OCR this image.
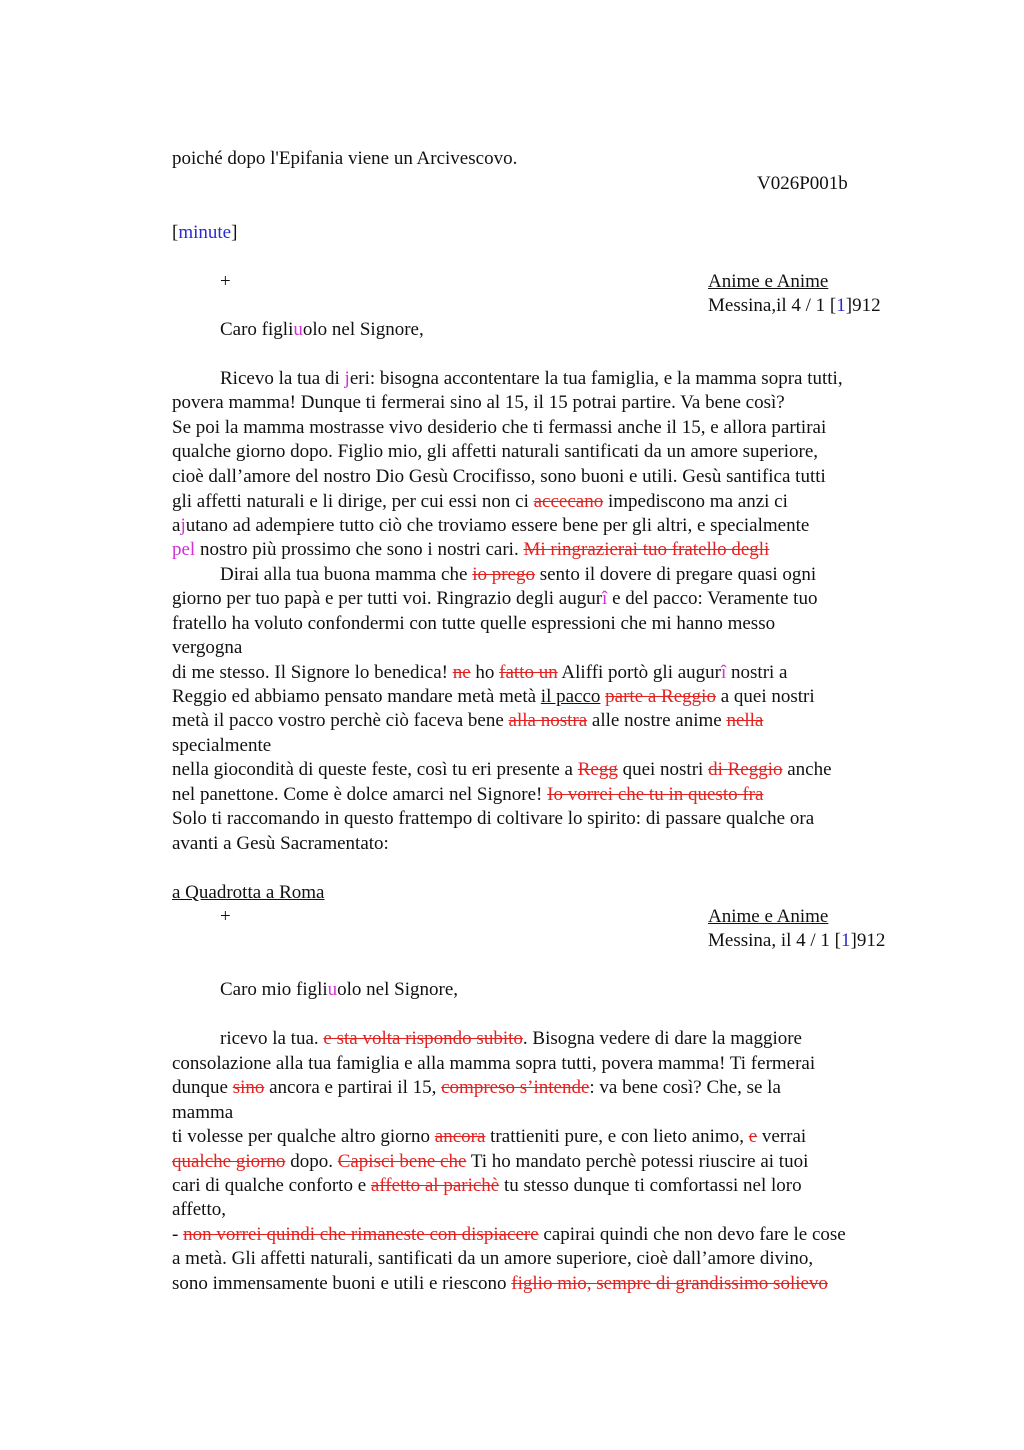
poiché dopo l'Epifania viene un Arcivescovo.
V026P001b
[minute]
+	Anime e Anime
Messina,il 4 / 1 [1]912
Caro figliuolo nel Signore,
Ricevo la tua di jeri: bisogna accontentare la tua famiglia, e la mamma sopra tutti,
povera mamma! Dunque ti fermerai sino al 15, il 15 potrai partire. Va bene così?
Se poi la mamma mostrasse vivo desiderio che ti fermassi anche il 15, e allora partirai
qualche giorno dopo. Figlio mio, gli affetti naturali santificati da un amore superiore,
cioè dall’amore del nostro Dio Gesù Crocifisso, sono buoni e utili. Gesù santifica tutti
gli affetti naturali e li dirige, per cui essi non ci accecano impediscono ma anzi ci
ajutano ad adempiere tutto ciò che troviamo essere bene per gli altri, e specialmente
pel nostro più prossimo che sono i nostri cari. Mi ringrazierai tuo fratello degli
Dirai alla tua buona mamma che io prego sento il dovere di pregare quasi ogni
giorno per tuo papà e per tutti voi. Ringrazio degli augurî e del pacco: Veramente tuo
fratello ha voluto confondermi con tutte quelle espressioni che mi hanno messo
vergogna
di me stesso. Il Signore lo benedica! ne ho fatto un Aliffi portò gli augurî nostri a
Reggio ed abbiamo pensato mandare metà metà il pacco parte a Reggio a quei nostri
metà il pacco vostro perchè ciò faceva bene alla nostra alle nostre anime nella
specialmente
nella giocondità di queste feste, così tu eri presente a Regg quei nostri di Reggio anche
nel panettone. Come è dolce amarci nel Signore! Io vorrei che tu in questo fra
Solo ti raccomando in questo frattempo di coltivare lo spirito: di passare qualche ora
avanti a Gesù Sacramentato:
a Quadrotta a Roma
+	Anime e Anime
Messina, il 4 / 1 [1]912
Caro mio figliuolo nel Signore,
ricevo la tua. e sta volta rispondo subito. Bisogna vedere di dare la maggiore
consolazione alla tua famiglia e alla mamma sopra tutti, povera mamma! Ti fermerai
dunque sino ancora e partirai il 15, compreso s’intende: va bene così? Che, se la
mamma
ti volesse per qualche altro giorno ancora trattieniti pure, e con lieto animo, e verrai
qualche giorno dopo. Capisci bene che Ti ho mandato perchè potessi riuscire ai tuoi
cari di qualche conforto e affetto al parichè tu stesso dunque ti comfortassi nel loro
affetto,
- non vorrei quindi che rimaneste con dispiacere capirai quindi che non devo fare le cose
a metà. Gli affetti naturali, santificati da un amore superiore, cioè dall’amore divino,
sono immensamente buoni e utili e riescono figlio mio, sempre di grandissimo solievo
